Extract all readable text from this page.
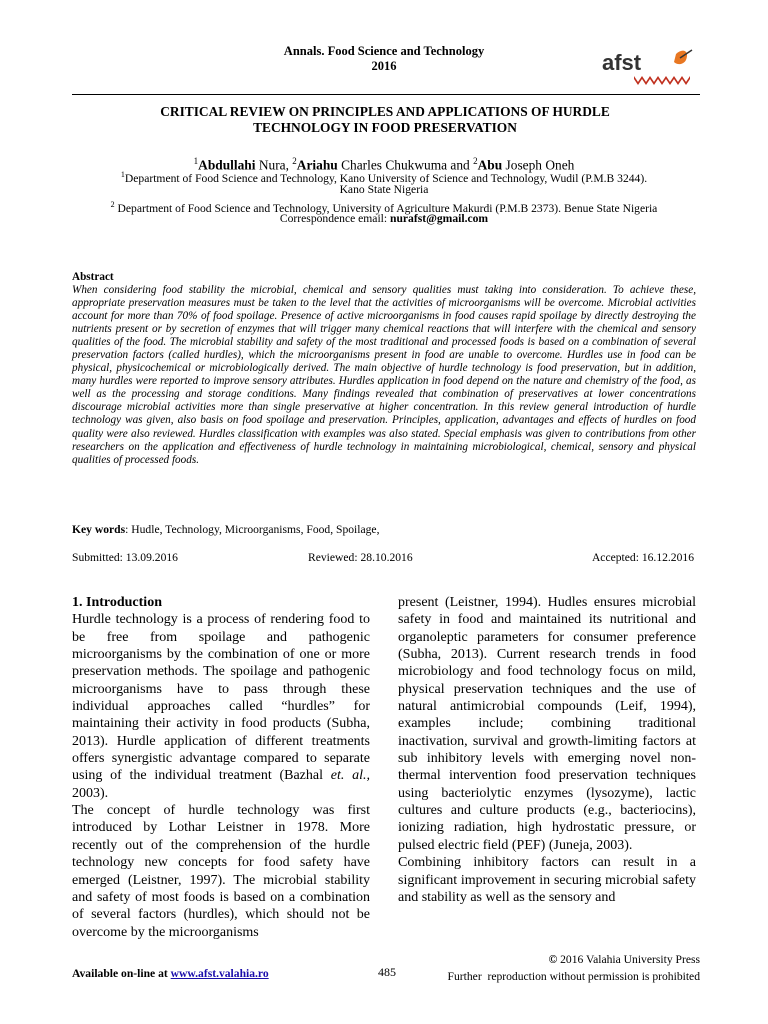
Annals. Food Science and Technology
2016	afst
CRITICAL REVIEW ON PRINCIPLES AND APPLICATIONS OF HURDLE
TECHNOLOGY IN FOOD PRESERVATION
$^1$Abdullahi Nura, $^2$Ariahu Charles Chukwuma and $^2$Abu Joseph Oneh
$^1$Department of Food Science and Technology, Kano University of Science and Technology, Wudil (P.M.B 3244).
Kano State Nigeria
$^2$ Department of Food Science and Technology, University of Agriculture Makurdi (P.M.B 2373). Benue State Nigeria
Correspondence email: nurafst@gmail.com
Abstract
When considering food stability the microbial, chemical and sensory qualities must taking into consideration. To achieve these, appropriate preservation measures must be taken to the level that the activities of microorganisms will be overcome. Microbial activities account for more than 70% of food spoilage. Presence of active microorganisms in food causes rapid spoilage by directly destroying the nutrients present or by secretion of enzymes that will trigger many chemical reactions that will interfere with the chemical and sensory qualities of the food. The microbial stability and safety of the most traditional and processed foods is based on a combination of several preservation factors (called hurdles), which the microorganisms present in food are unable to overcome. Hurdles use in food can be physical, physicochemical or microbiologically derived. The main objective of hurdle technology is food preservation, but in addition, many hurdles were reported to improve sensory attributes. Hurdles application in food depend on the nature and chemistry of the food, as well as the processing and storage conditions. Many findings revealed that combination of preservatives at lower concentrations discourage microbial activities more than single preservative at higher concentration. In this review general introduction of hurdle technology was given, also basis on food spoilage and preservation. Principles, application, advantages and effects of hurdles on food quality were also reviewed. Hurdles classification with examples was also stated. Special emphasis was given to contributions from other researchers on the application and effectiveness of hurdle technology in maintaining microbiological, chemical, sensory and physical qualities of processed foods.
Key words: Hudle, Technology, Microorganisms, Food, Spoilage,
Submitted: 13.09.2016	Reviewed: 28.10.2016	Accepted: 16.12.2016

1. Introduction

Hurdle technology is a process of rendering food to be free from spoilage and pathogenic microorganisms by the combination of one or more preservation methods. The spoilage and pathogenic microorganisms have to pass through these individual approaches called “hurdles” for maintaining their activity in food products (Subha, 2013). Hurdle application of different treatments offers synergistic advantage compared to separate using of the individual treatment (Bazhal et. al., 2003).

The concept of hurdle technology was first introduced by Lothar Leistner in 1978. More recently out of the comprehension of the hurdle technology new concepts for food safety have emerged (Leistner, 1997). The microbial stability and safety of most foods is based on a combination of several factors (hurdles), which should not be overcome by the microorganisms

present (Leistner, 1994). Hudles ensures microbial safety in food and maintained its nutritional and organoleptic parameters for consumer preference (Subha, 2013). Current research trends in food microbiology and food technology focus on mild, physical preservation techniques and the use of natural antimicrobial compounds (Leif, 1994), examples include; combining traditional inactivation, survival and growth-limiting factors at sub inhibitory levels with emerging novel non-thermal intervention food preservation techniques using bacteriolytic enzymes (lysozyme), lactic cultures and culture products (e.g., bacteriocins), ionizing radiation, high hydrostatic pressure, or pulsed electric field (PEF) (Juneja, 2003).

Combining inhibitory factors can result in a significant improvement in securing microbial safety and stability as well as the sensory and

Available on-line at www.afst.valahia.ro	485
© 2016 Valahia University Press
Further  reproduction without permission is prohibited
